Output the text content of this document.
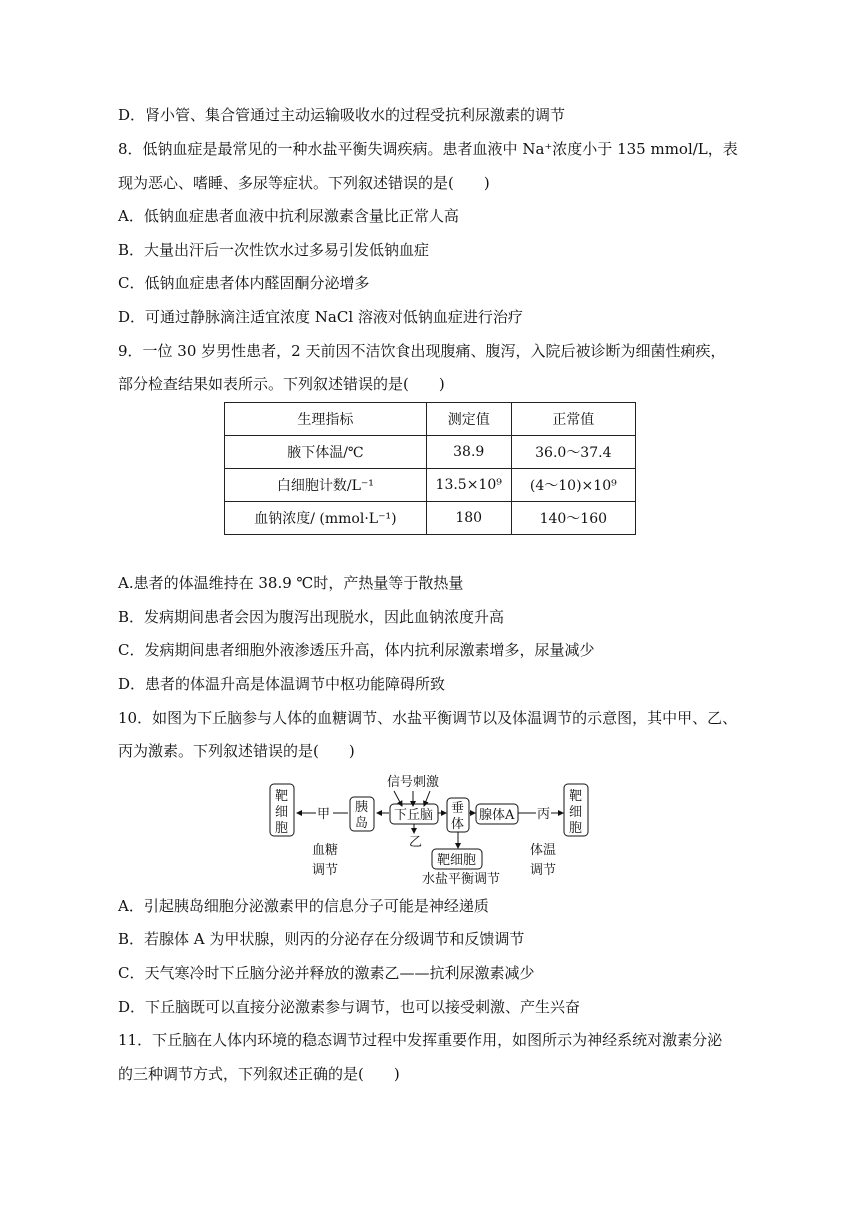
D．肾小管、集合管通过主动运输吸收水的过程受抗利尿激素的调节
8．低钠血症是最常见的一种水盐平衡失调疾病。患者血液中 Na⁺浓度小于 135 mmol/L，表
现为恶心、嗜睡、多尿等症状。下列叙述错误的是(　　)
A．低钠血症患者血液中抗利尿激素含量比正常人高
B．大量出汗后一次性饮水过多易引发低钠血症
C．低钠血症患者体内醛固酮分泌增多
D．可通过静脉滴注适宜浓度 NaCl 溶液对低钠血症进行治疗
9．一位 30 岁男性患者，2 天前因不洁饮食出现腹痛、腹泻，入院后被诊断为细菌性痢疾，
部分检查结果如表所示。下列叙述错误的是(　　)
生理指标	测定值	正常值
腋下体温/℃	38.9	36.0～37.4
白细胞计数/L⁻¹	13.5×10⁹	(4～10)×10⁹
血钠浓度/ (mmol·L⁻¹)	180	140～160
A.患者的体温维持在 38.9 ℃时，产热量等于散热量
B．发病期间患者会因为腹泻出现脱水，因此血钠浓度升高
C．发病期间患者细胞外液渗透压升高，体内抗利尿激素增多，尿量减少
D．患者的体温升高是体温调节中枢功能障碍所致
10．如图为下丘脑参与人体的血糖调节、水盐平衡调节以及体温调节的示意图，其中甲、乙、
丙为激素。下列叙述错误的是(　　)
信号刺激
靶
细
胞
甲 胰
岛
下丘脑
乙
垂
体
腺体A 丙
靶
细
胞
靶细胞
血糖
调节
水盐平衡调节
体温
调节
A．引起胰岛细胞分泌激素甲的信息分子可能是神经递质
B．若腺体 A 为甲状腺，则丙的分泌存在分级调节和反馈调节
C．天气寒冷时下丘脑分泌并释放的激素乙——抗利尿激素减少
D．下丘脑既可以直接分泌激素参与调节，也可以接受刺激、产生兴奋
11．下丘脑在人体内环境的稳态调节过程中发挥重要作用，如图所示为神经系统对激素分泌
的三种调节方式，下列叙述正确的是(　　)
